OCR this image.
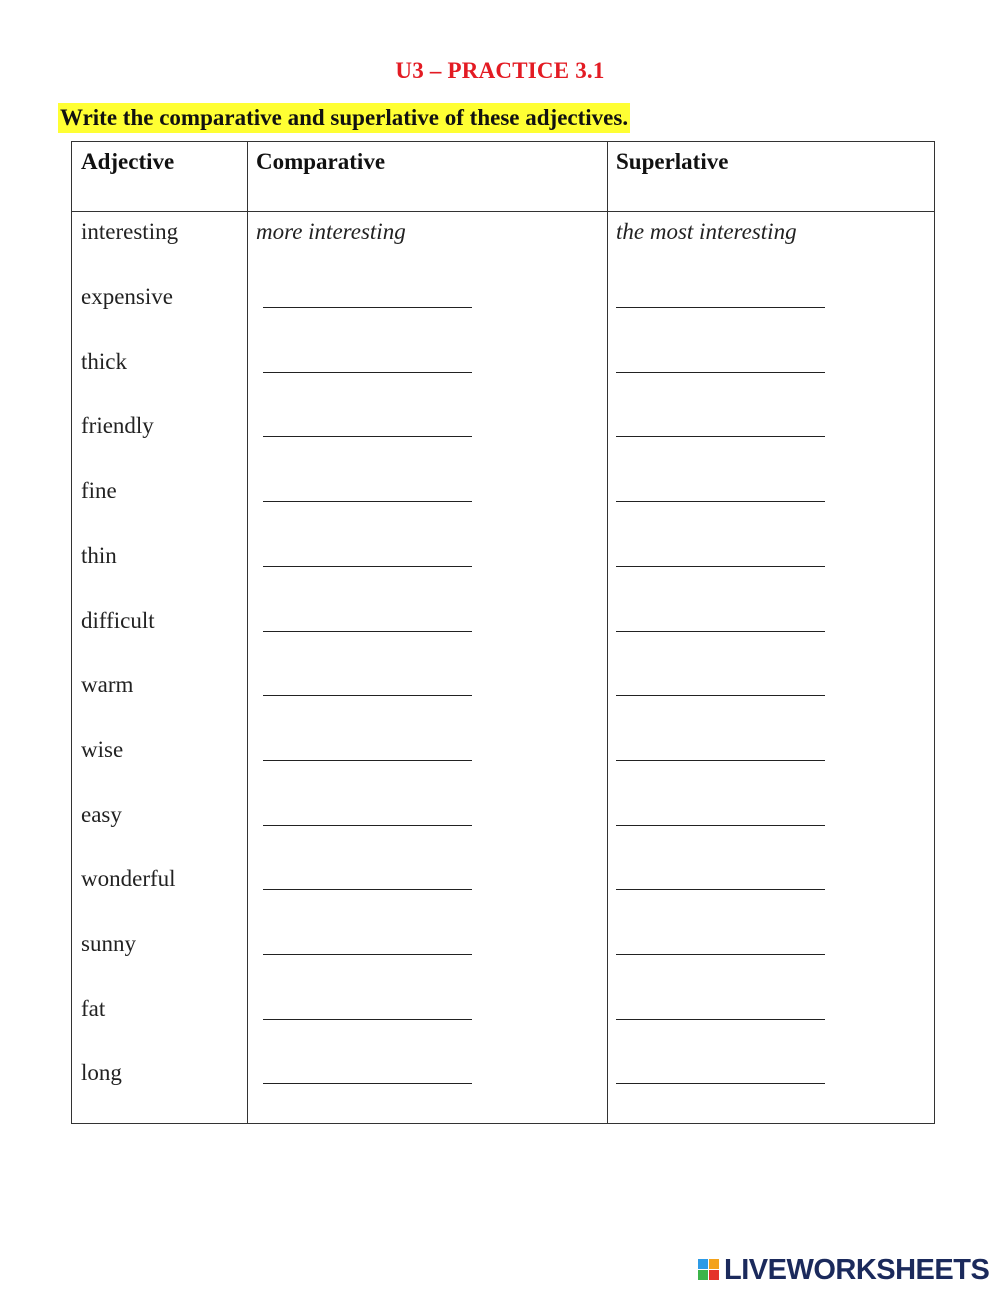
U3 – PRACTICE 3.1
Write the comparative and superlative of these adjectives.
Adjective	Comparative	Superlative
interesting	more interesting	the most interesting
expensive
thick
friendly
fine
thin
difficult
warm
wise
easy
wonderful
sunny
fat
long
LIVEWORKSHEETS
